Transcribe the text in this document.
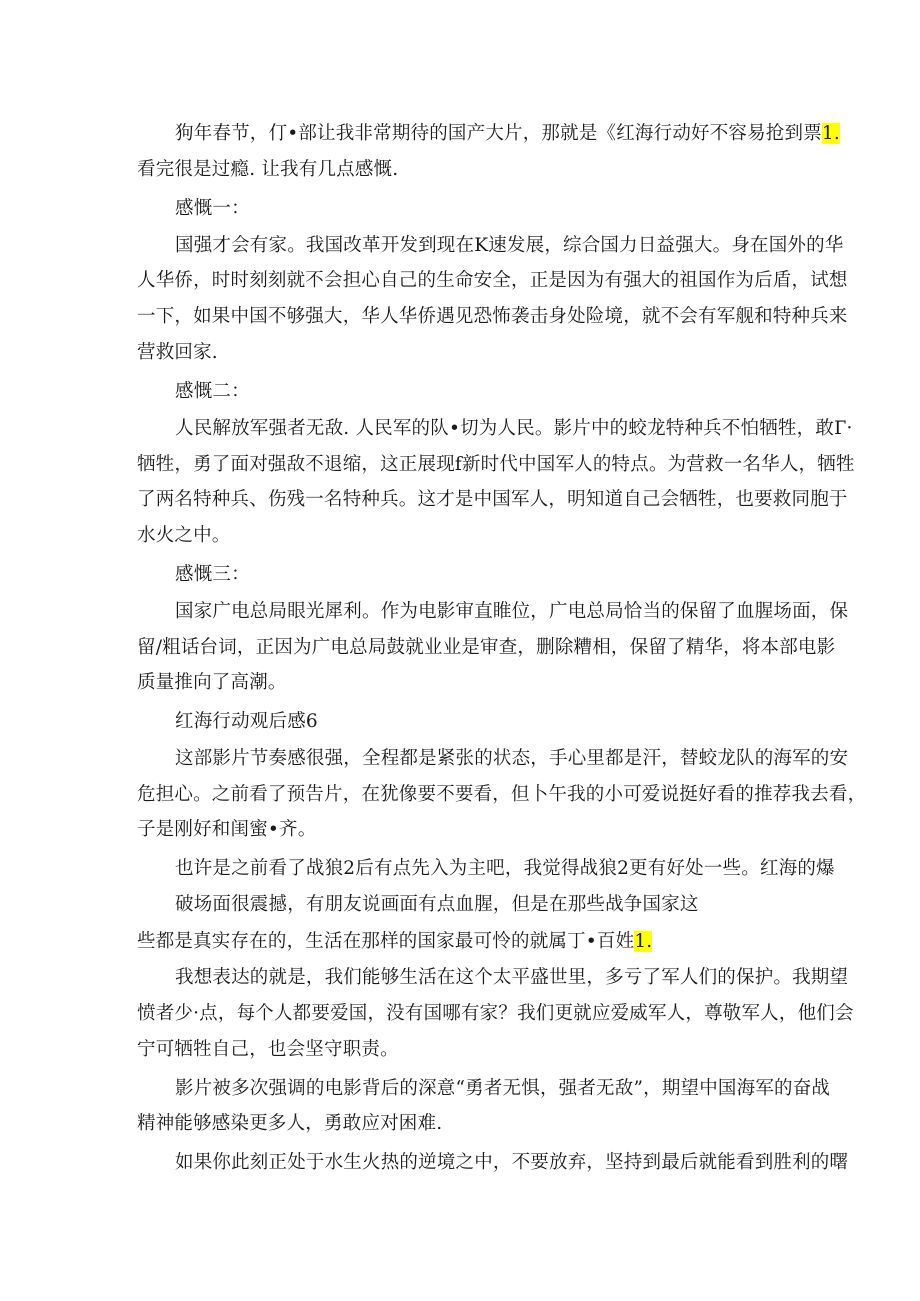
狗年春节，仃•部让我非常期待的国产大片，那就是《红海行动好不容易抢到票1.
看完很是过瘾. 让我有几点感慨.
感慨一：
国强才会有家。我国改革开发到现在K速发展，综合国力日益强大。身在国外的华
人华侨，时时刻刻就不会担心自己的生命安全，正是因为有强大的祖国作为后盾，试想
一下，如果中国不够强大，华人华侨遇见恐怖袭击身处险境，就不会有军舰和特种兵来
营救回家.
感慨二：
人民解放军强者无敌. 人民军的队•切为人民。影片中的蛟龙特种兵不怕牺牲，敢Г·
牺牲，勇了面对强敌不退缩，这正展现f新时代中国军人的特点。为营救一名华人，牺牲
了两名特种兵、伤残一名特种兵。这才是中国军人，明知道自己会牺牲，也要救同胞于
水火之中。
感慨三：
国家广电总局眼光犀利。作为电影审直睢位，广电总局恰当的保留了血腥场面，保
留/粗话台词，正因为广电总局鼓就业业是审查，删除糟相，保留了精华，将本部电影
质量推向了高潮。
红海行动观后感6
这部影片节奏感很强，全程都是紧张的状态，手心里都是汗，替蛟龙队的海军的安
危担心。之前看了预告片，在犹像要不要看，但卜午我的小可爱说挺好看的推荐我去看，
子是刚好和闺蜜•齐。
也许是之前看了战狼2后有点先入为主吧，我觉得战狼2更有好处一些。红海的爆
破场面很震撼，有朋友说画面有点血腥，但是在那些战争国家这
些都是真实存在的，生活在那样的国家最可怜的就属丁•百姓1.
我想表达的就是，我们能够生活在这个太平盛世里，多亏了军人们的保护。我期望
愤者少·点，每个人都要爱国，没有国哪有家？我们更就应爱威军人，尊敬军人，他们会
宁可牺牲自己，也会坚守职责。
影片被多次强调的电影背后的深意“勇者无惧，强者无敌”，期望中国海军的奋战
精神能够感染更多人，勇敢应对困难.
如果你此刻正处于水生火热的逆境之中，不要放弃，坚持到最后就能看到胜利的曙
